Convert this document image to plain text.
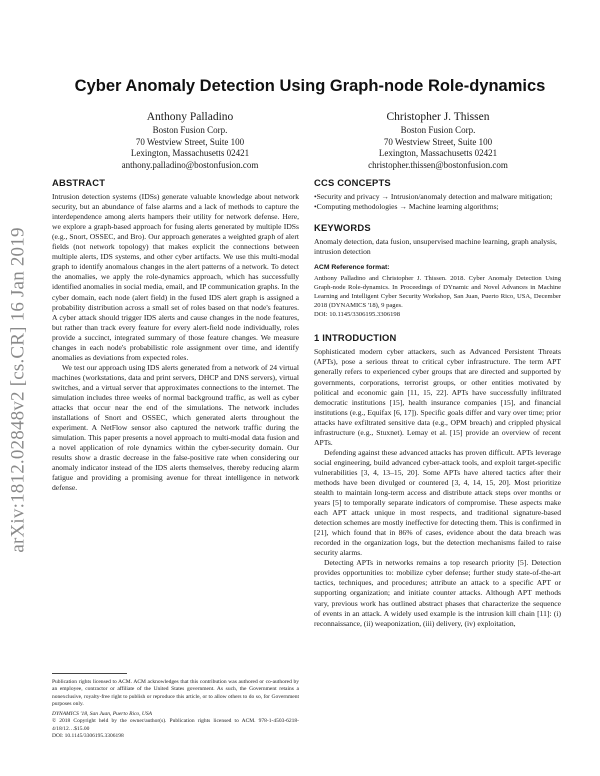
arXiv:1812.02848v2 [cs.CR] 16 Jan 2019
Cyber Anomaly Detection Using Graph-node Role-dynamics
Anthony Palladino
Boston Fusion Corp.
70 Westview Street, Suite 100
Lexington, Massachusetts 02421
anthony.palladino@bostonfusion.com
Christopher J. Thissen
Boston Fusion Corp.
70 Westview Street, Suite 100
Lexington, Massachusetts 02421
christopher.thissen@bostonfusion.com
ABSTRACT

Intrusion detection systems (IDSs) generate valuable knowledge about network security, but an abundance of false alarms and a lack of methods to capture the interdependence among alerts hampers their utility for network defense. Here, we explore a graph-based approach for fusing alerts generated by multiple IDSs (e.g., Snort, OSSEC, and Bro). Our approach generates a weighted graph of alert fields (not network topology) that makes explicit the connections between multiple alerts, IDS systems, and other cyber artifacts. We use this multi-modal graph to identify anomalous changes in the alert patterns of a network. To detect the anomalies, we apply the role-dynamics approach, which has successfully identified anomalies in social media, email, and IP communication graphs. In the cyber domain, each node (alert field) in the fused IDS alert graph is assigned a probability distribution across a small set of roles based on that node's features. A cyber attack should trigger IDS alerts and cause changes in the node features, but rather than track every feature for every alert-field node individually, roles provide a succinct, integrated summary of those feature changes. We measure changes in each node's probabilistic role assignment over time, and identify anomalies as deviations from expected roles.

We test our approach using IDS alerts generated from a network of 24 virtual machines (workstations, data and print servers, DHCP and DNS servers), virtual switches, and a virtual server that approximates connections to the internet. The simulation includes three weeks of normal background traffic, as well as cyber attacks that occur near the end of the simulations. The network includes installations of Snort and OSSEC, which generated alerts throughout the experiment. A NetFlow sensor also captured the network traffic during the simulation. This paper presents a novel approach to multi-modal data fusion and a novel application of role dynamics within the cyber-security domain. Our results show a drastic decrease in the false-positive rate when considering our anomaly indicator instead of the IDS alerts themselves, thereby reducing alarm fatigue and providing a promising avenue for threat intelligence in network defense.

Publication rights licensed to ACM. ACM acknowledges that this contribution was authored or co-authored by an employee, contractor or affiliate of the United States government. As such, the Government retains a nonexclusive, royalty-free right to publish or reproduce this article, or to allow others to do so, for Government purposes only.
DYNAMICS '18, San Juan, Puerto Rico, USA
© 2018 Copyright held by the owner/author(s). Publication rights licensed to ACM. 978-1-4503-6218-4/18/12…$15.00
DOI: 10.1145/3306195.3306198
CCS CONCEPTS

•Security and privacy → Intrusion/anomaly detection and malware mitigation; •Computing methodologies → Machine learning algorithms;

KEYWORDS

Anomaly detection, data fusion, unsupervised machine learning, graph analysis, intrusion detection

ACM Reference format:

Anthony Palladino and Christopher J. Thissen. 2018. Cyber Anomaly Detection Using Graph-node Role-dynamics. In Proceedings of DYnamic and Novel Advances in Machine Learning and Intelligent Cyber Security Workshop, San Juan, Puerto Rico, USA, December 2018 (DYNAMICS '18), 9 pages.

DOI: 10.1145/3306195.3306198

1 INTRODUCTION

Sophisticated modern cyber attackers, such as Advanced Persistent Threats (APTs), pose a serious threat to critical cyber infrastructure. The term APT generally refers to experienced cyber groups that are directed and supported by governments, corporations, terrorist groups, or other entities motivated by political and economic gain [11, 15, 22]. APTs have successfully infiltrated democratic institutions [15], health insurance companies [15], and financial institutions (e.g., Equifax [6, 17]). Specific goals differ and vary over time; prior attacks have exfiltrated sensitive data (e.g., OPM breach) and crippled physical infrastructure (e.g., Stuxnet). Lemay et al. [15] provide an overview of recent APTs.

Defending against these advanced attacks has proven difficult. APTs leverage social engineering, build advanced cyber-attack tools, and exploit target-specific vulnerabilities [3, 4, 13–15, 20]. Some APTs have altered tactics after their methods have been divulged or countered [3, 4, 14, 15, 20]. Most prioritize stealth to maintain long-term access and distribute attack steps over months or years [5] to temporally separate indicators of compromise. These aspects make each APT attack unique in most respects, and traditional signature-based detection schemes are mostly ineffective for detecting them. This is confirmed in [21], which found that in 86% of cases, evidence about the data breach was recorded in the organization logs, but the detection mechanisms failed to raise security alarms.

Detecting APTs in networks remains a top research priority [5]. Detection provides opportunities to: mobilize cyber defense; further study state-of-the-art tactics, techniques, and procedures; attribute an attack to a specific APT or supporting organization; and initiate counter attacks. Although APT methods vary, previous work has outlined abstract phases that characterize the sequence of events in an attack. A widely used example is the intrusion kill chain [11]: (i) reconnaissance, (ii) weaponization, (iii) delivery, (iv) exploitation,
